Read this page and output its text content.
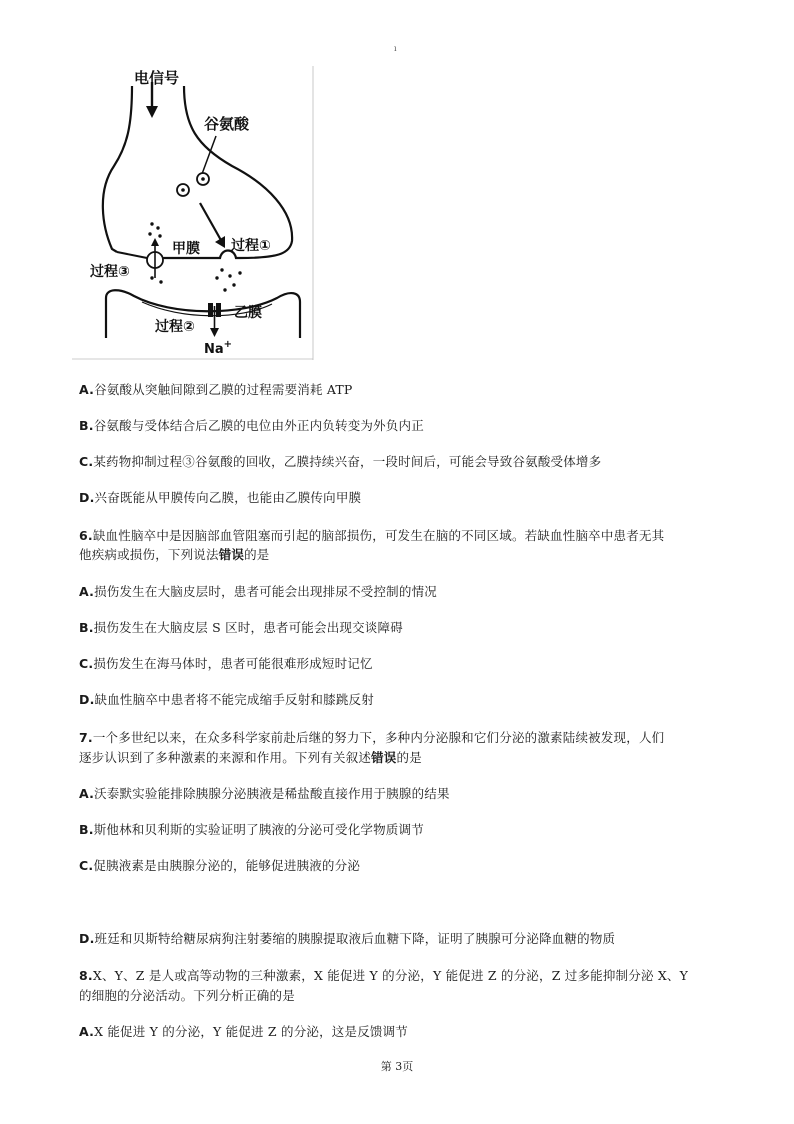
ı
电信号
谷氨酸
甲膜 过程①
过程③
过程②
乙膜
Na+
A.谷氨酸从突触间隙到乙膜的过程需要消耗 ATP
B.谷氨酸与受体结合后乙膜的电位由外正内负转变为外负内正
C.某药物抑制过程③谷氨酸的回收，乙膜持续兴奋，一段时间后，可能会导致谷氨酸受体增多
D.兴奋既能从甲膜传向乙膜，也能由乙膜传向甲膜
6.缺血性脑卒中是因脑部血管阻塞而引起的脑部损伤，可发生在脑的不同区域。若缺血性脑卒中患者无其
他疾病或损伤，下列说法错误的是
A.损伤发生在大脑皮层时，患者可能会出现排尿不受控制的情况
B.损伤发生在大脑皮层 S 区时，患者可能会出现交谈障碍
C.损伤发生在海马体时，患者可能很难形成短时记忆
D.缺血性脑卒中患者将不能完成缩手反射和膝跳反射
7.一个多世纪以来，在众多科学家前赴后继的努力下，多种内分泌腺和它们分泌的激素陆续被发现，人们
逐步认识到了多种激素的来源和作用。下列有关叙述错误的是
A.沃泰默实验能排除胰腺分泌胰液是稀盐酸直接作用于胰腺的结果
B.斯他林和贝利斯的实验证明了胰液的分泌可受化学物质调节
C.促胰液素是由胰腺分泌的，能够促进胰液的分泌
D.班廷和贝斯特给糖尿病狗注射萎缩的胰腺提取液后血糖下降，证明了胰腺可分泌降血糖的物质
8.X、Y、Z 是人或高等动物的三种激素，X 能促进 Y 的分泌，Y 能促进 Z 的分泌，Z 过多能抑制分泌 X、Y
的细胞的分泌活动。下列分析正确的是
A.X 能促进 Y 的分泌，Y 能促进 Z 的分泌，这是反馈调节
第 3页
